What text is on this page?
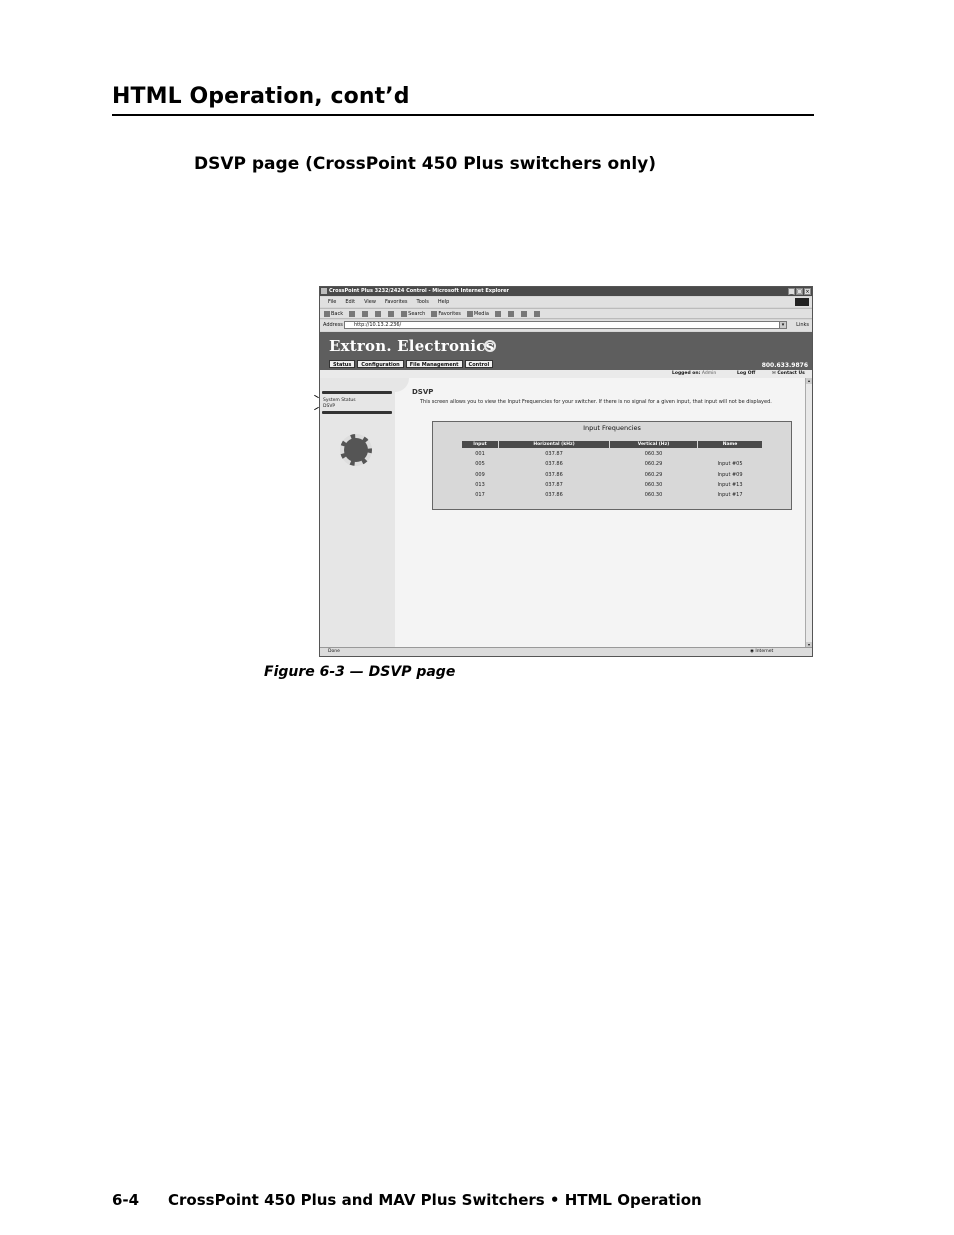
HTML Operation, cont’d
DSVP page (CrossPoint 450 Plus switchers only)
CrossPoint Plus 3232/2424 Control - Microsoft Internet Explorer	_ □ ×
File Edit View Favorites Tools Help
Back	Search	Favorites	Media
Address	http://10.13.2.236/	▾	Links
Extron. Electronics
Status	Configuration	File Management	Control	800.633.9876
Logged on: Admin	Log Off	✉ Contact Us
System Status
DSVP
DSVP
This screen allows you to view the Input Frequencies for your switcher. If there is no signal for a given input, that input will not be displayed.
Input Frequencies
Input	Horizontal (kHz)	Vertical (Hz)	Name
001	037.87	060.30
005	037.86	060.29	Input #05
009	037.86	060.29	Input #09
013	037.87	060.30	Input #13
017	037.86	060.30	Input #17
▴
▾
Done	◉ Internet
Figure 6-3 — DSVP page
6-4 CrossPoint 450 Plus and MAV Plus Switchers • HTML Operation
